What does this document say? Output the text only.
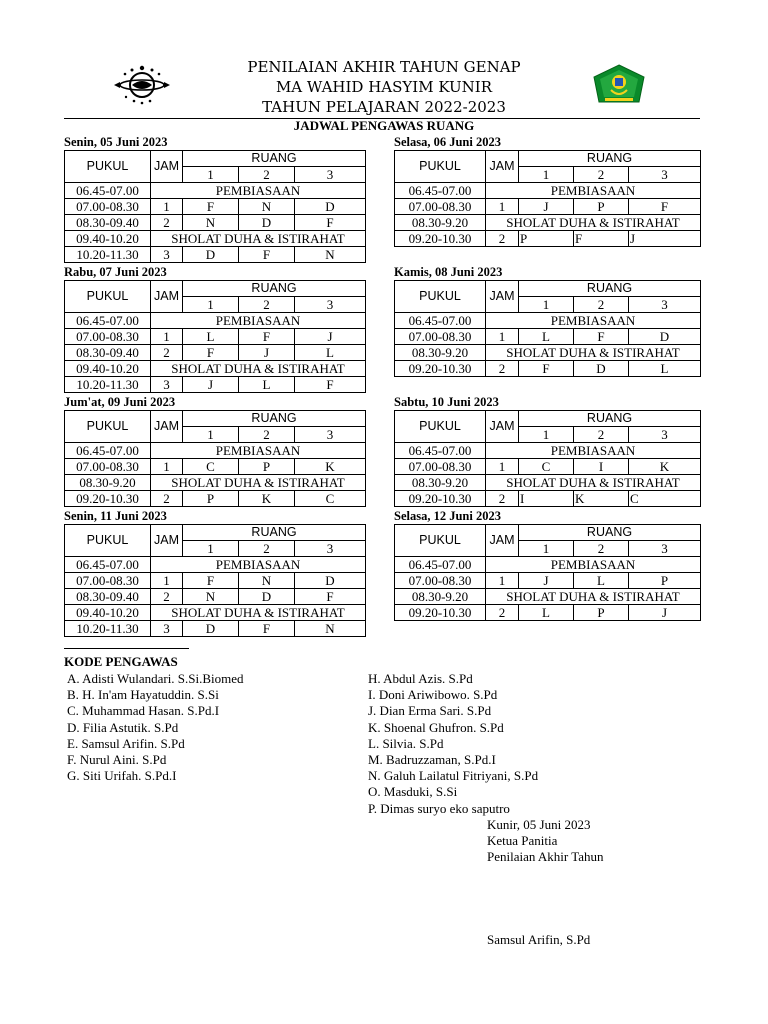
PENILAIAN AKHIR TAHUN GENAP
MA WAHID HASYIM KUNIR
TAHUN PELAJARAN 2022-2023
JADWAL PENGAWAS RUANG
Senin, 05 Juni 2023
PUKUL	JAM	RUANG		
		1	2	3
06.45-07.00	PEMBIASAAN			
07.00-08.30	1	F	N	D
08.30-09.40	2	N	D	F
09.40-10.20	SHOLAT DUHA & ISTIRAHAT			
10.20-11.30	3	D	F	N
Selasa, 06 Juni 2023
PUKUL	JAM	RUANG		
		1	2	3
06.45-07.00	PEMBIASAAN			
07.00-08.30	1	J	P	F
08.30-9.20	SHOLAT DUHA & ISTIRAHAT			
09.20-10.30	2	P	F	J
Rabu, 07 Juni 2023
PUKUL	JAM	RUANG		
		1	2	3
06.45-07.00	PEMBIASAAN			
07.00-08.30	1	L	F	J
08.30-09.40	2	F	J	L
09.40-10.20	SHOLAT DUHA & ISTIRAHAT			
10.20-11.30	3	J	L	F
Kamis, 08 Juni 2023
PUKUL	JAM	RUANG		
		1	2	3
06.45-07.00	PEMBIASAAN			
07.00-08.30	1	L	F	D
08.30-9.20	SHOLAT DUHA & ISTIRAHAT			
09.20-10.30	2	F	D	L
Jum'at, 09 Juni 2023
PUKUL	JAM	RUANG		
		1	2	3
06.45-07.00	PEMBIASAAN			
07.00-08.30	1	C	P	K
08.30-9.20	SHOLAT DUHA & ISTIRAHAT			
09.20-10.30	2	P	K	C
Sabtu, 10 Juni 2023
PUKUL	JAM	RUANG		
		1	2	3
06.45-07.00	PEMBIASAAN			
07.00-08.30	1	C	I	K
08.30-9.20	SHOLAT DUHA & ISTIRAHAT			
09.20-10.30	2	I	K	C
Senin, 11 Juni 2023
PUKUL	JAM	RUANG		
		1	2	3
06.45-07.00	PEMBIASAAN			
07.00-08.30	1	F	N	D
08.30-09.40	2	N	D	F
09.40-10.20	SHOLAT DUHA & ISTIRAHAT			
10.20-11.30	3	D	F	N
Selasa, 12 Juni 2023
PUKUL	JAM	RUANG		
		1	2	3
06.45-07.00	PEMBIASAAN			
07.00-08.30	1	J	L	P
08.30-9.20	SHOLAT DUHA & ISTIRAHAT			
09.20-10.30	2	L	P	J
KODE PENGAWAS
A. Adisti Wulandari. S.Si.Biomed
B. H. In'am Hayatuddin. S.Si
C. Muhammad Hasan. S.Pd.I
D. Filia Astutik. S.Pd
E. Samsul Arifin. S.Pd
F. Nurul Aini. S.Pd
G. Siti Urifah. S.Pd.I
H. Abdul Azis. S.Pd
I. Doni Ariwibowo. S.Pd
J. Dian Erma Sari. S.Pd
K. Shoenal Ghufron. S.Pd
L. Silvia. S.Pd
M. Badruzzaman, S.Pd.I
N. Galuh Lailatul Fitriyani, S.Pd
O. Masduki, S.Si
P. Dimas suryo eko saputro
Kunir, 05 Juni 2023
Ketua Panitia
Penilaian Akhir Tahun
Samsul Arifin, S.Pd
